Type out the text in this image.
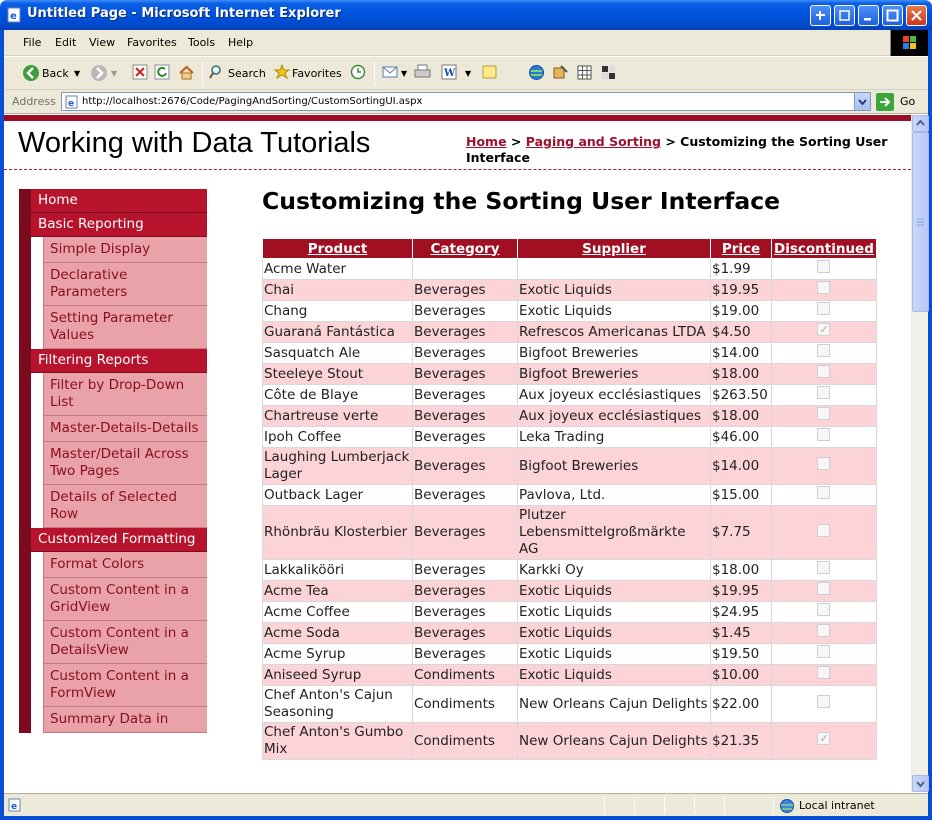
e Untitled Page - Microsoft Internet Explorer
File Edit View Favorites Tools Help
Back ▼	▼	Search Favorites	▼	W ▼
Address e http://localhost:2676/Code/PagingAndSorting/CustomSortingUI.aspx	Go
Working with Data Tutorials	Home > Paging and Sorting > Customizing the Sorting User Interface
Home
Basic Reporting
Simple Display
Declarative Parameters
Setting Parameter Values
Filtering Reports
Filter by Drop-Down List
Master-Details-Details
Master/Detail Across Two Pages
Details of Selected Row
Customized Formatting
Format Colors
Custom Content in a GridView
Custom Content in a DetailsView
Custom Content in a FormView
Summary Data in
Customizing the Sorting User Interface
Product	Category	Supplier	Price	Discontinued
Acme Water			$1.99	
Chai	Beverages	Exotic Liquids	$19.95	
Chang	Beverages	Exotic Liquids	$19.00	
Guaraná Fantástica	Beverages	Refrescos Americanas LTDA	$4.50	✓
Sasquatch Ale	Beverages	Bigfoot Breweries	$14.00	
Steeleye Stout	Beverages	Bigfoot Breweries	$18.00	
Côte de Blaye	Beverages	Aux joyeux ecclésiastiques	$263.50	
Chartreuse verte	Beverages	Aux joyeux ecclésiastiques	$18.00	
Ipoh Coffee	Beverages	Leka Trading	$46.00	
Laughing Lumberjack Lager	Beverages	Bigfoot Breweries	$14.00	
Outback Lager	Beverages	Pavlova, Ltd.	$15.00	
Rhönbräu Klosterbier	Beverages	Plutzer Lebensmittelgroßmärkte AG	$7.75	
Lakkalikööri	Beverages	Karkki Oy	$18.00	
Acme Tea	Beverages	Exotic Liquids	$19.95	
Acme Coffee	Beverages	Exotic Liquids	$24.95	
Acme Soda	Beverages	Exotic Liquids	$1.45	
Acme Syrup	Beverages	Exotic Liquids	$19.50	
Aniseed Syrup	Condiments	Exotic Liquids	$10.00	
Chef Anton's Cajun Seasoning	Condiments	New Orleans Cajun Delights	$22.00	
Chef Anton's Gumbo Mix	Condiments	New Orleans Cajun Delights	$21.35	✓
e	Local intranet
